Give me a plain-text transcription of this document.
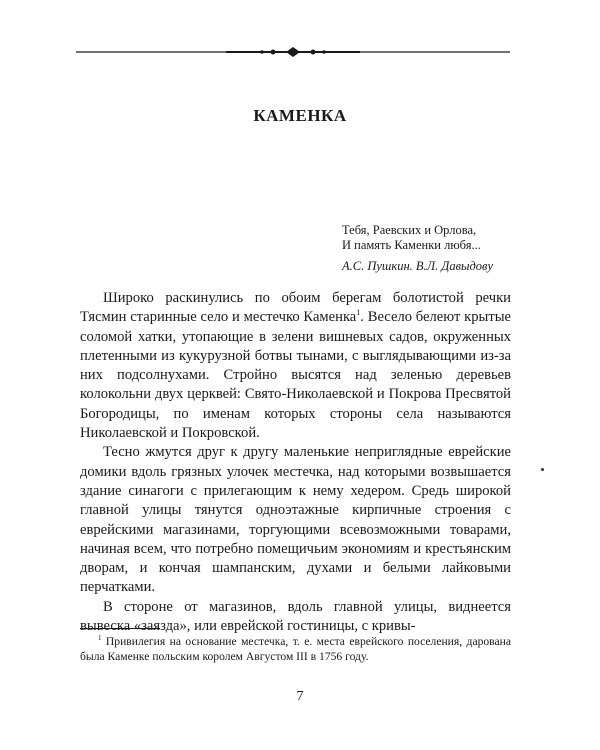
КАМЕНКА
Тебя, Раевских и Орлова,
И память Каменки любя...
А.С. Пушкин. В.Л. Давыдову

Широко раскинулись по обоим берегам болотистой речки Тясмин старинные село и местечко Каменка$^1$. Весело белеют крытые соломой хатки, утопающие в зелени вишневых садов, окруженных плетенными из кукурузной ботвы тынами, с выглядывающими из-за них подсолнухами. Стройно высятся над зеленью деревьев колокольни двух церквей: Свято-Николаевской и Покрова Пресвятой Богородицы, по именам которых стороны села называются Николаевской и Покровской.

Тесно жмутся друг к другу маленькие неприглядные еврейские домики вдоль грязных улочек местечка, над которыми возвышается здание синагоги с прилегающим к нему хедером. Средь широкой главной улицы тянутся одноэтажные кирпичные строения с еврейскими магазинами, торгующими всевозможными товарами, начиная всем, что потребно помещичьим экономиям и крестьянским дворам, и кончая шампанским, духами и белыми лайковыми перчатками.

В стороне от магазинов, вдоль главной улицы, виднеется вывеска «заязда», или еврейской гостиницы, с кривы-

$^1$ Привилегия на основание местечка, т. е. места еврейского поселения, дарована была Каменке польским королем Августом III в 1756 году.

7
